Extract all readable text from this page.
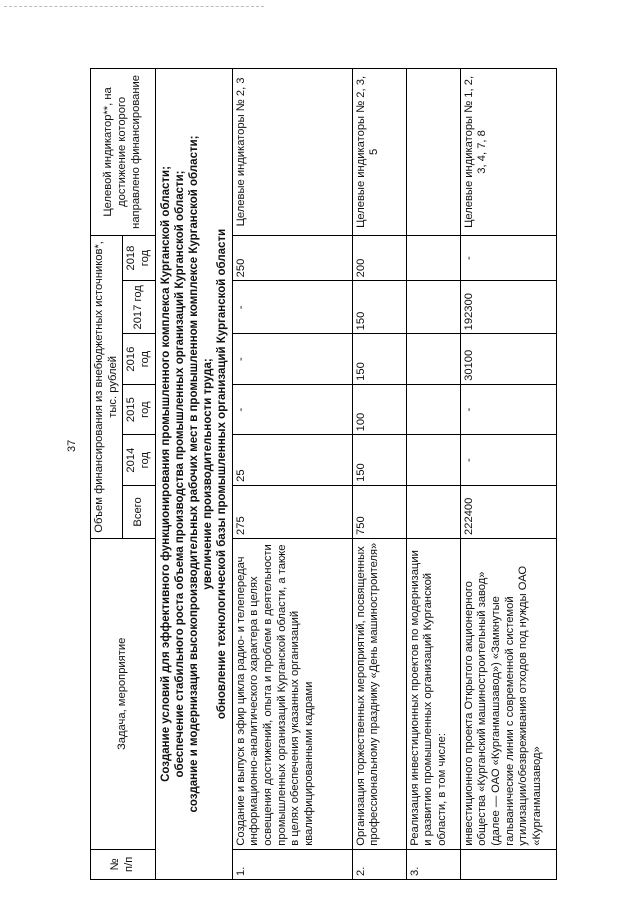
37
№ п/п	Задача, мероприятие	Объем финансирования из внебюджетных источников*, тыс. рублей						Целевой индикатор**, на достижение которого направлено финансирование
		Всего	2014 год	2015 год	2016 год	2017 год	2018 год	

Создание условий для эффективного функционирования промышленного комплекса Курганской области; обеспечение стабильного роста объема производства промышленных организаций Курганской области; создание и модернизация высокопроизводительных рабочих мест в промышленном комплексе Курганской области; увеличение производительности труда; обновление технологической базы промышленных организаций Курганской области								

1.	Создание и выпуск в эфир цикла радио- и телепередач информационно-аналитического характера в целях освещения достижений, опыта и проблем в деятельности промышленных организаций Курганской области, а также в целях обеспечения указанных организаций квалифицированными кадрами	275	25	-	-	-	250	Целевые индикаторы № 2, 3
2.	Организация торжественных мероприятий, посвященных профессиональному празднику «День машиностроителя»	750	150	100	150	150	200	Целевые индикаторы № 2, 3, 5
3.	Реализация инвестиционных проектов по модернизации и развитию промышленных организаций Курганской области, в том числе:							
	инвестиционного проекта Открытого акционерного общества «Курганский машиностроительный завод» (далее — ОАО «Курганмашзавод») «Замкнутые гальванические линии с современной системой утилизации/обезвреживания отходов под нужды ОАО «Курганмашзавод»	222400	-	-	30100	192300	-	Целевые индикаторы № 1, 2, 3, 4, 7, 8
